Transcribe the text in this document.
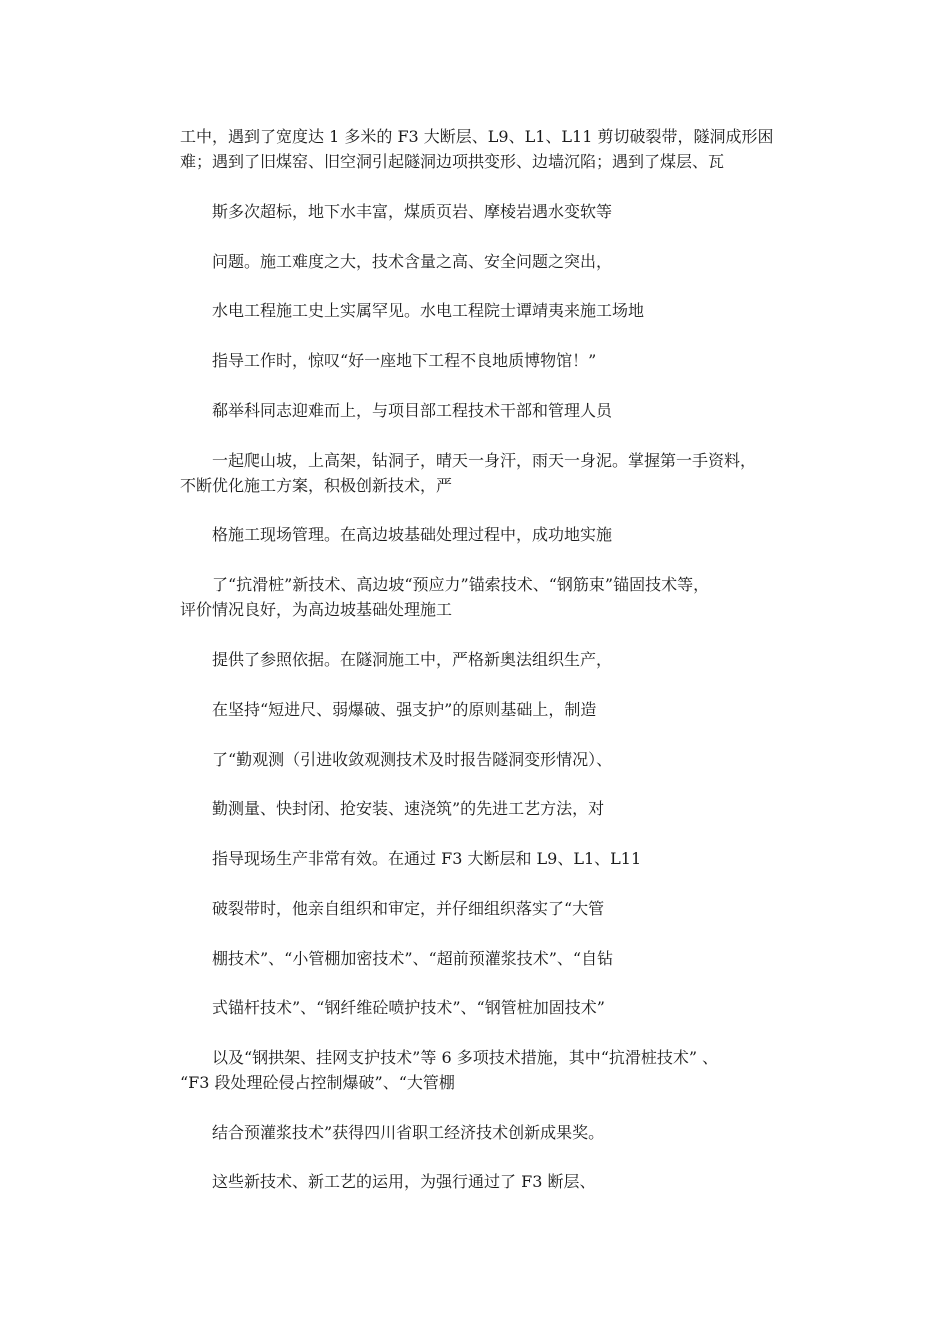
工中，遇到了宽度达 1 多米的 F3 大断层、L9、L1、L11 剪切破裂带，隧洞成形困
难；遇到了旧煤窑、旧空洞引起隧洞边项拱变形、边墙沉陷；遇到了煤层、瓦
斯多次超标，地下水丰富，煤质页岩、摩棱岩遇水变软等
问题。施工难度之大，技术含量之高、安全问题之突出，
水电工程施工史上实属罕见。水电工程院士谭靖夷来施工场地
指导工作时，惊叹“好一座地下工程不良地质博物馆！”
郗举科同志迎难而上，与项目部工程技术干部和管理人员
一起爬山坡，上高架，钻洞子，晴天一身汗，雨天一身泥。掌握第一手资料，
不断优化施工方案，积极创新技术，严
格施工现场管理。在高边坡基础处理过程中，成功地实施
了“抗滑桩”新技术、高边坡“预应力”锚索技术、“钢筋束”锚固技术等，
评价情况良好，为高边坡基础处理施工
提供了参照依据。在隧洞施工中，严格新奥法组织生产，
在坚持“短进尺、弱爆破、强支护”的原则基础上，制造
了“勤观测（引进收敛观测技术及时报告隧洞变形情况）、
勤测量、快封闭、抢安装、速浇筑”的先进工艺方法，对
指导现场生产非常有效。在通过 F3 大断层和 L9、L1、L11
破裂带时，他亲自组织和审定，并仔细组织落实了“大管
棚技术”、“小管棚加密技术”、“超前预灌浆技术”、“自钻
式锚杆技术”、“钢纤维砼喷护技术”、“钢管桩加固技术”
以及“钢拱架、挂网支护技术”等 6 多项技术措施，其中“抗滑桩技术” 、
“F3 段处理砼侵占控制爆破”、“大管棚
结合预灌浆技术”获得四川省职工经济技术创新成果奖。
这些新技术、新工艺的运用，为强行通过了 F3 断层、
